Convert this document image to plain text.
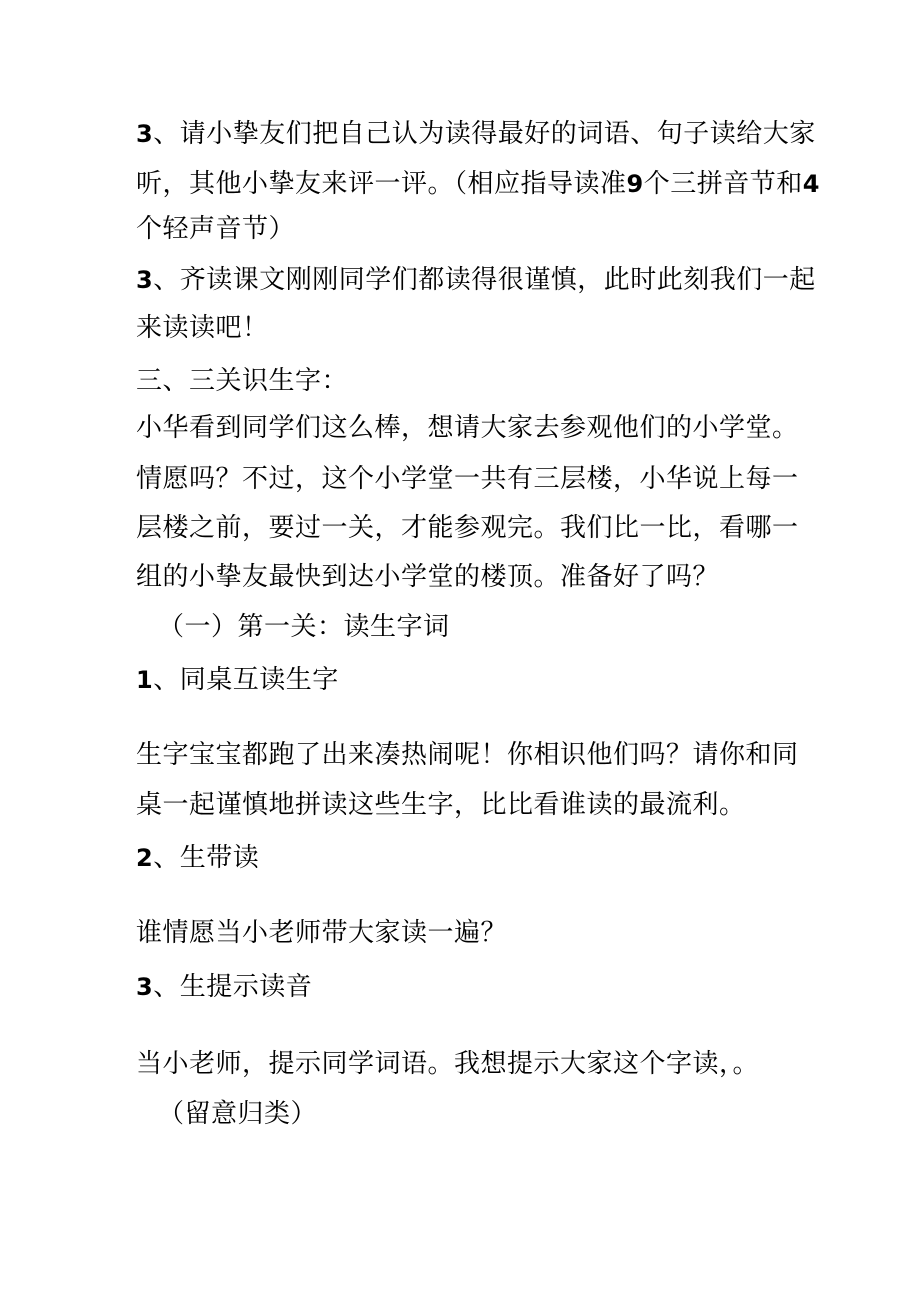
3、请小挚友们把自己认为读得最好的词语、句子读给大家
听，其他小挚友来评一评。（相应指导读准9个三拼音节和4
个轻声音节）
3、齐读课文刚刚同学们都读得很谨慎，此时此刻我们一起
来读读吧！
三、三关识生字：
小华看到同学们这么棒，想请大家去参观他们的小学堂。
情愿吗？不过，这个小学堂一共有三层楼，小华说上每一
层楼之前，要过一关，才能参观完。我们比一比，看哪一
组的小挚友最快到达小学堂的楼顶。准备好了吗？
（一）第一关：读生字词
1、同桌互读生字
生字宝宝都跑了出来凑热闹呢！你相识他们吗？请你和同
桌一起谨慎地拼读这些生字，比比看谁读的最流利。
2、生带读
谁情愿当小老师带大家读一遍？
3、生提示读音
当小老师，提示同学词语。我想提示大家这个字读，。
（留意归类）
